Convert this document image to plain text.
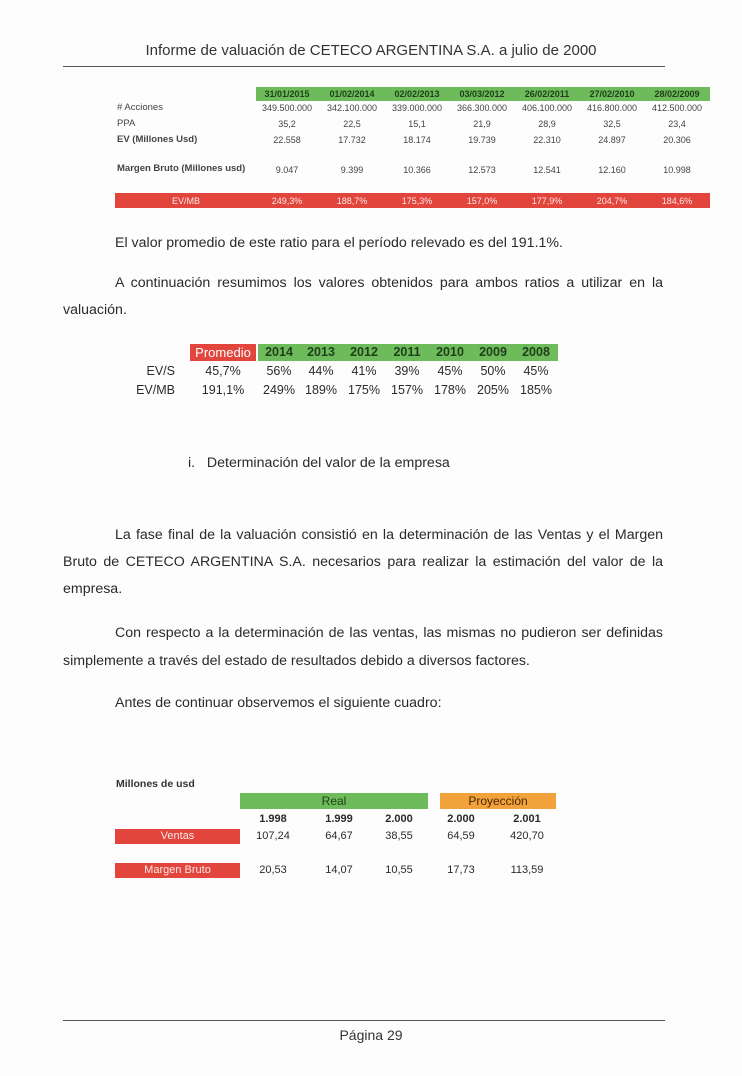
Informe de valuación de CETECO ARGENTINA S.A. a julio de 2000
31/01/2015	01/02/2014	02/02/2013	03/03/2012	26/02/2011	27/02/2010	28/02/2009
# Acciones	349.500.000	342.100.000	339.000.000	366.300.000	406.100.000	416.800.000	412.500.000
PPA	35,2	22,5	15,1	21,9	28,9	32,5	23,4
EV (Millones Usd)	22.558	17.732	18.174	19.739	22.310	24.897	20.306
Margen Bruto (Millones usd)	9.047	9.399	10.366	12.573	12.541	12.160	10.998
EV/MB	249,3%	188,7%	175,3%	157,0%	177,9%	204,7%	184,6%
El valor promedio de este ratio para el período relevado es del 191.1%.
A continuación resumimos los valores obtenidos para ambos ratios a utilizar en la
valuación.
Promedio	2014	2013	2012	2011	2010	2009	2008
EV/S	45,7%	56%	44%	41%	39%	45%	50%	45%
EV/MB	191,1%	249% 189% 175% 157% 178% 205% 185%
i.   Determinación del valor de la empresa
La fase final de la valuación consistió en la determinación de las Ventas y el Margen
Bruto de CETECO ARGENTINA S.A. necesarios para realizar la estimación del valor de la
empresa.
Con respecto a la determinación de las ventas, las mismas no pudieron ser definidas
simplemente a través del estado de resultados debido a diversos factores.
Antes de continuar observemos el siguiente cuadro:
Millones de usd
Real	Proyección
1.998	1.999	2.000	2.000	2.001
Ventas	107,24	64,67	38,55	64,59	420,70
Margen Bruto	20,53	14,07	10,55	17,73	113,59
Página 29
